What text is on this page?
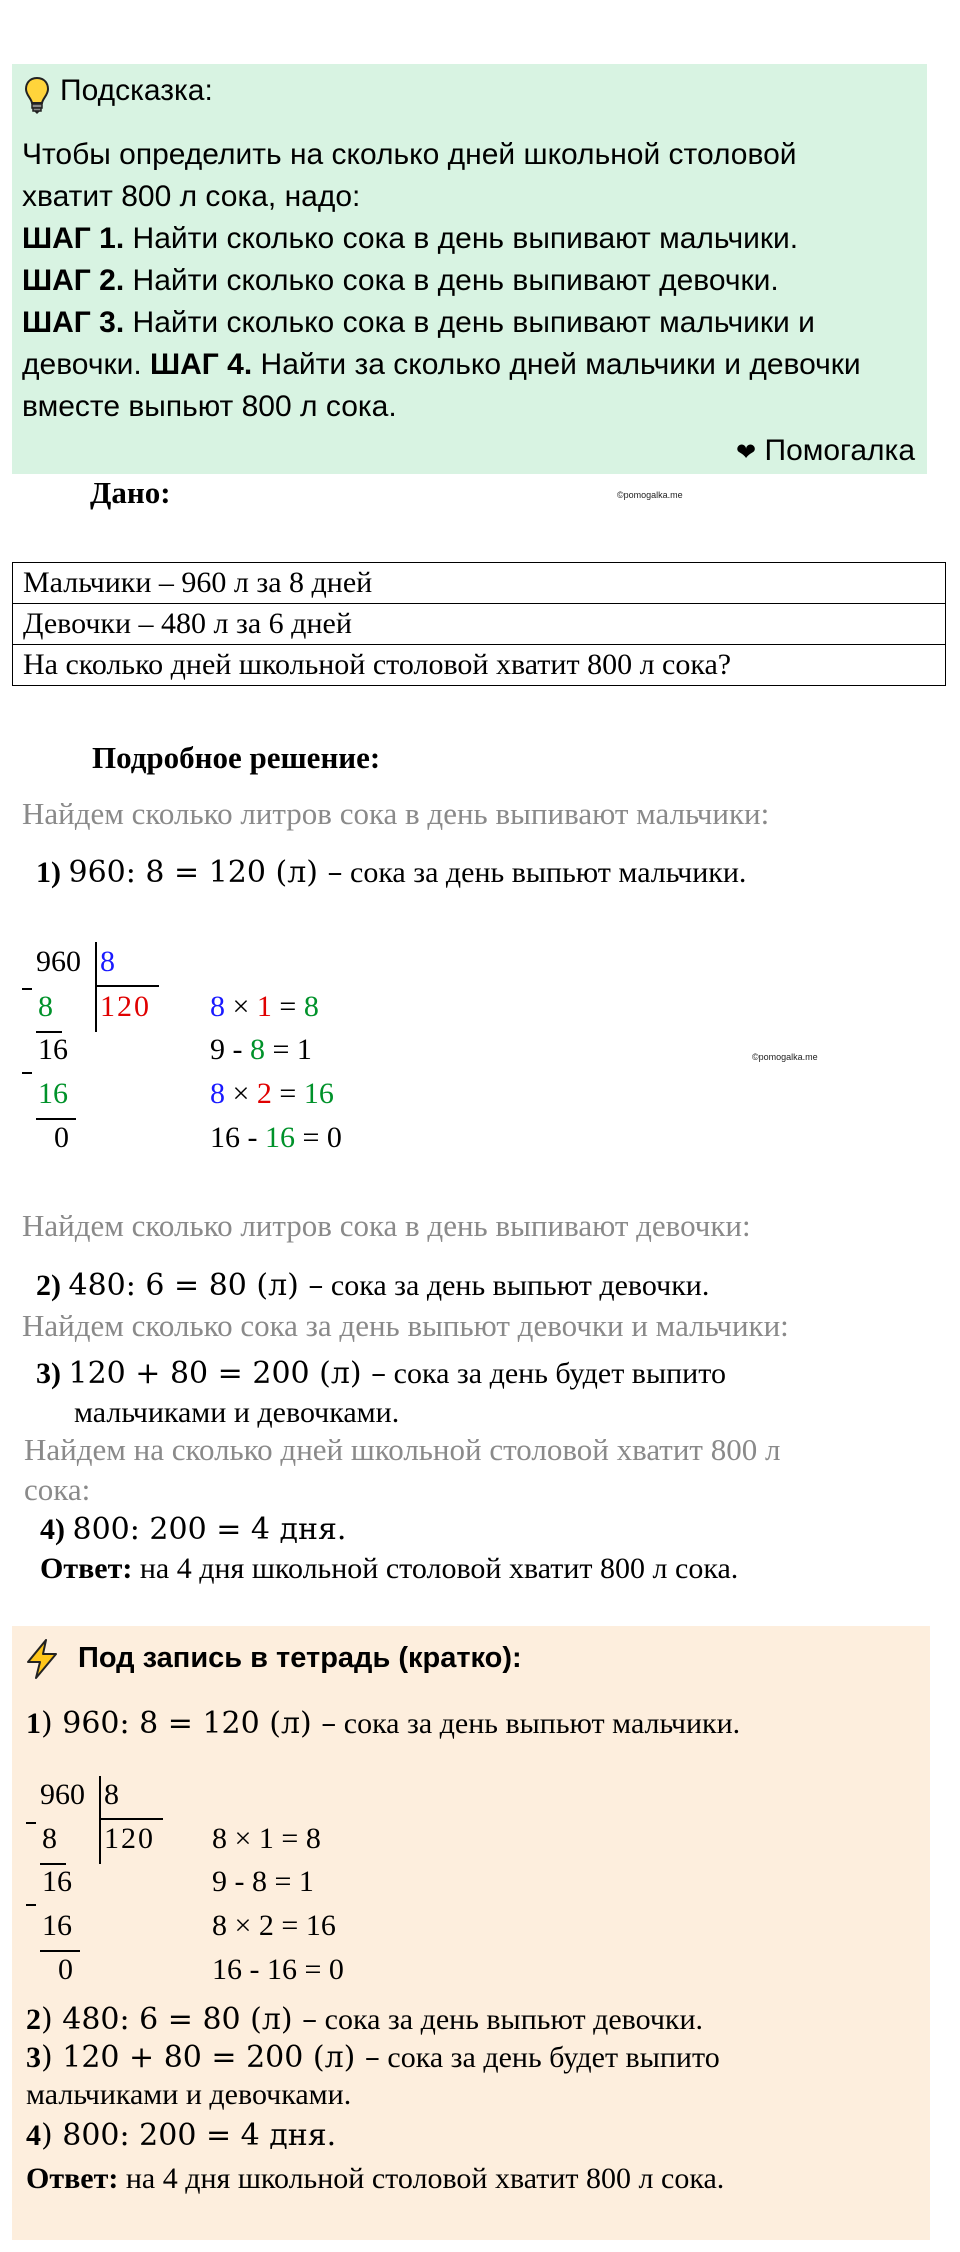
Подсказка:
Чтобы определить на сколько дней школьной столовой
хватит 800 л сока, надо:
ШАГ 1. Найти сколько сока в день выпивают мальчики.
ШАГ 2. Найти сколько сока в день выпивают девочки.
ШАГ 3. Найти сколько сока в день выпивают мальчики и
девочки. ШАГ 4. Найти за сколько дней мальчики и девочки
вместе выпьют 800 л сока.
❤ Помогалка
Дано:	©pomogalka.me
Мальчики – 960 л за 8 дней
Девочки – 480 л за 6 дней
На сколько дней школьной столовой хватит 800 л сока?
Подробное решение:
Найдем сколько литров сока в день выпивают мальчики:
1) 960: 8 = 120 (л) – сока за день выпьют мальчики.
960 8
120
8
16
16
0
8 × 1 = 8
9 - 8 = 1
8 × 2 = 16
16 - 16 = 0
©pomogalka.me
Найдем сколько литров сока в день выпивают девочки:
2) 480: 6 = 80 (л) – сока за день выпьют девочки.
Найдем сколько сока за день выпьют девочки и мальчики:
3) 120 + 80 = 200 (л) – сока за день будет выпито
мальчиками и девочками.
Найдем на сколько дней школьной столовой хватит 800 л
сока:
4) 800: 200 = 4 дня.
Ответ: на 4 дня школьной столовой хватит 800 л сока.
Под запись в тетрадь (кратко):
1) 960: 8 = 120 (л) – сока за день выпьют мальчики.
960 8
120
8
16
16
0
8 × 1 = 8
9 - 8 = 1
8 × 2 = 16
16 - 16 = 0
2) 480: 6 = 80 (л) – сока за день выпьют девочки.
3) 120 + 80 = 200 (л) – сока за день будет выпито
мальчиками и девочками.
4) 800: 200 = 4 дня.
Ответ: на 4 дня школьной столовой хватит 800 л сока.
